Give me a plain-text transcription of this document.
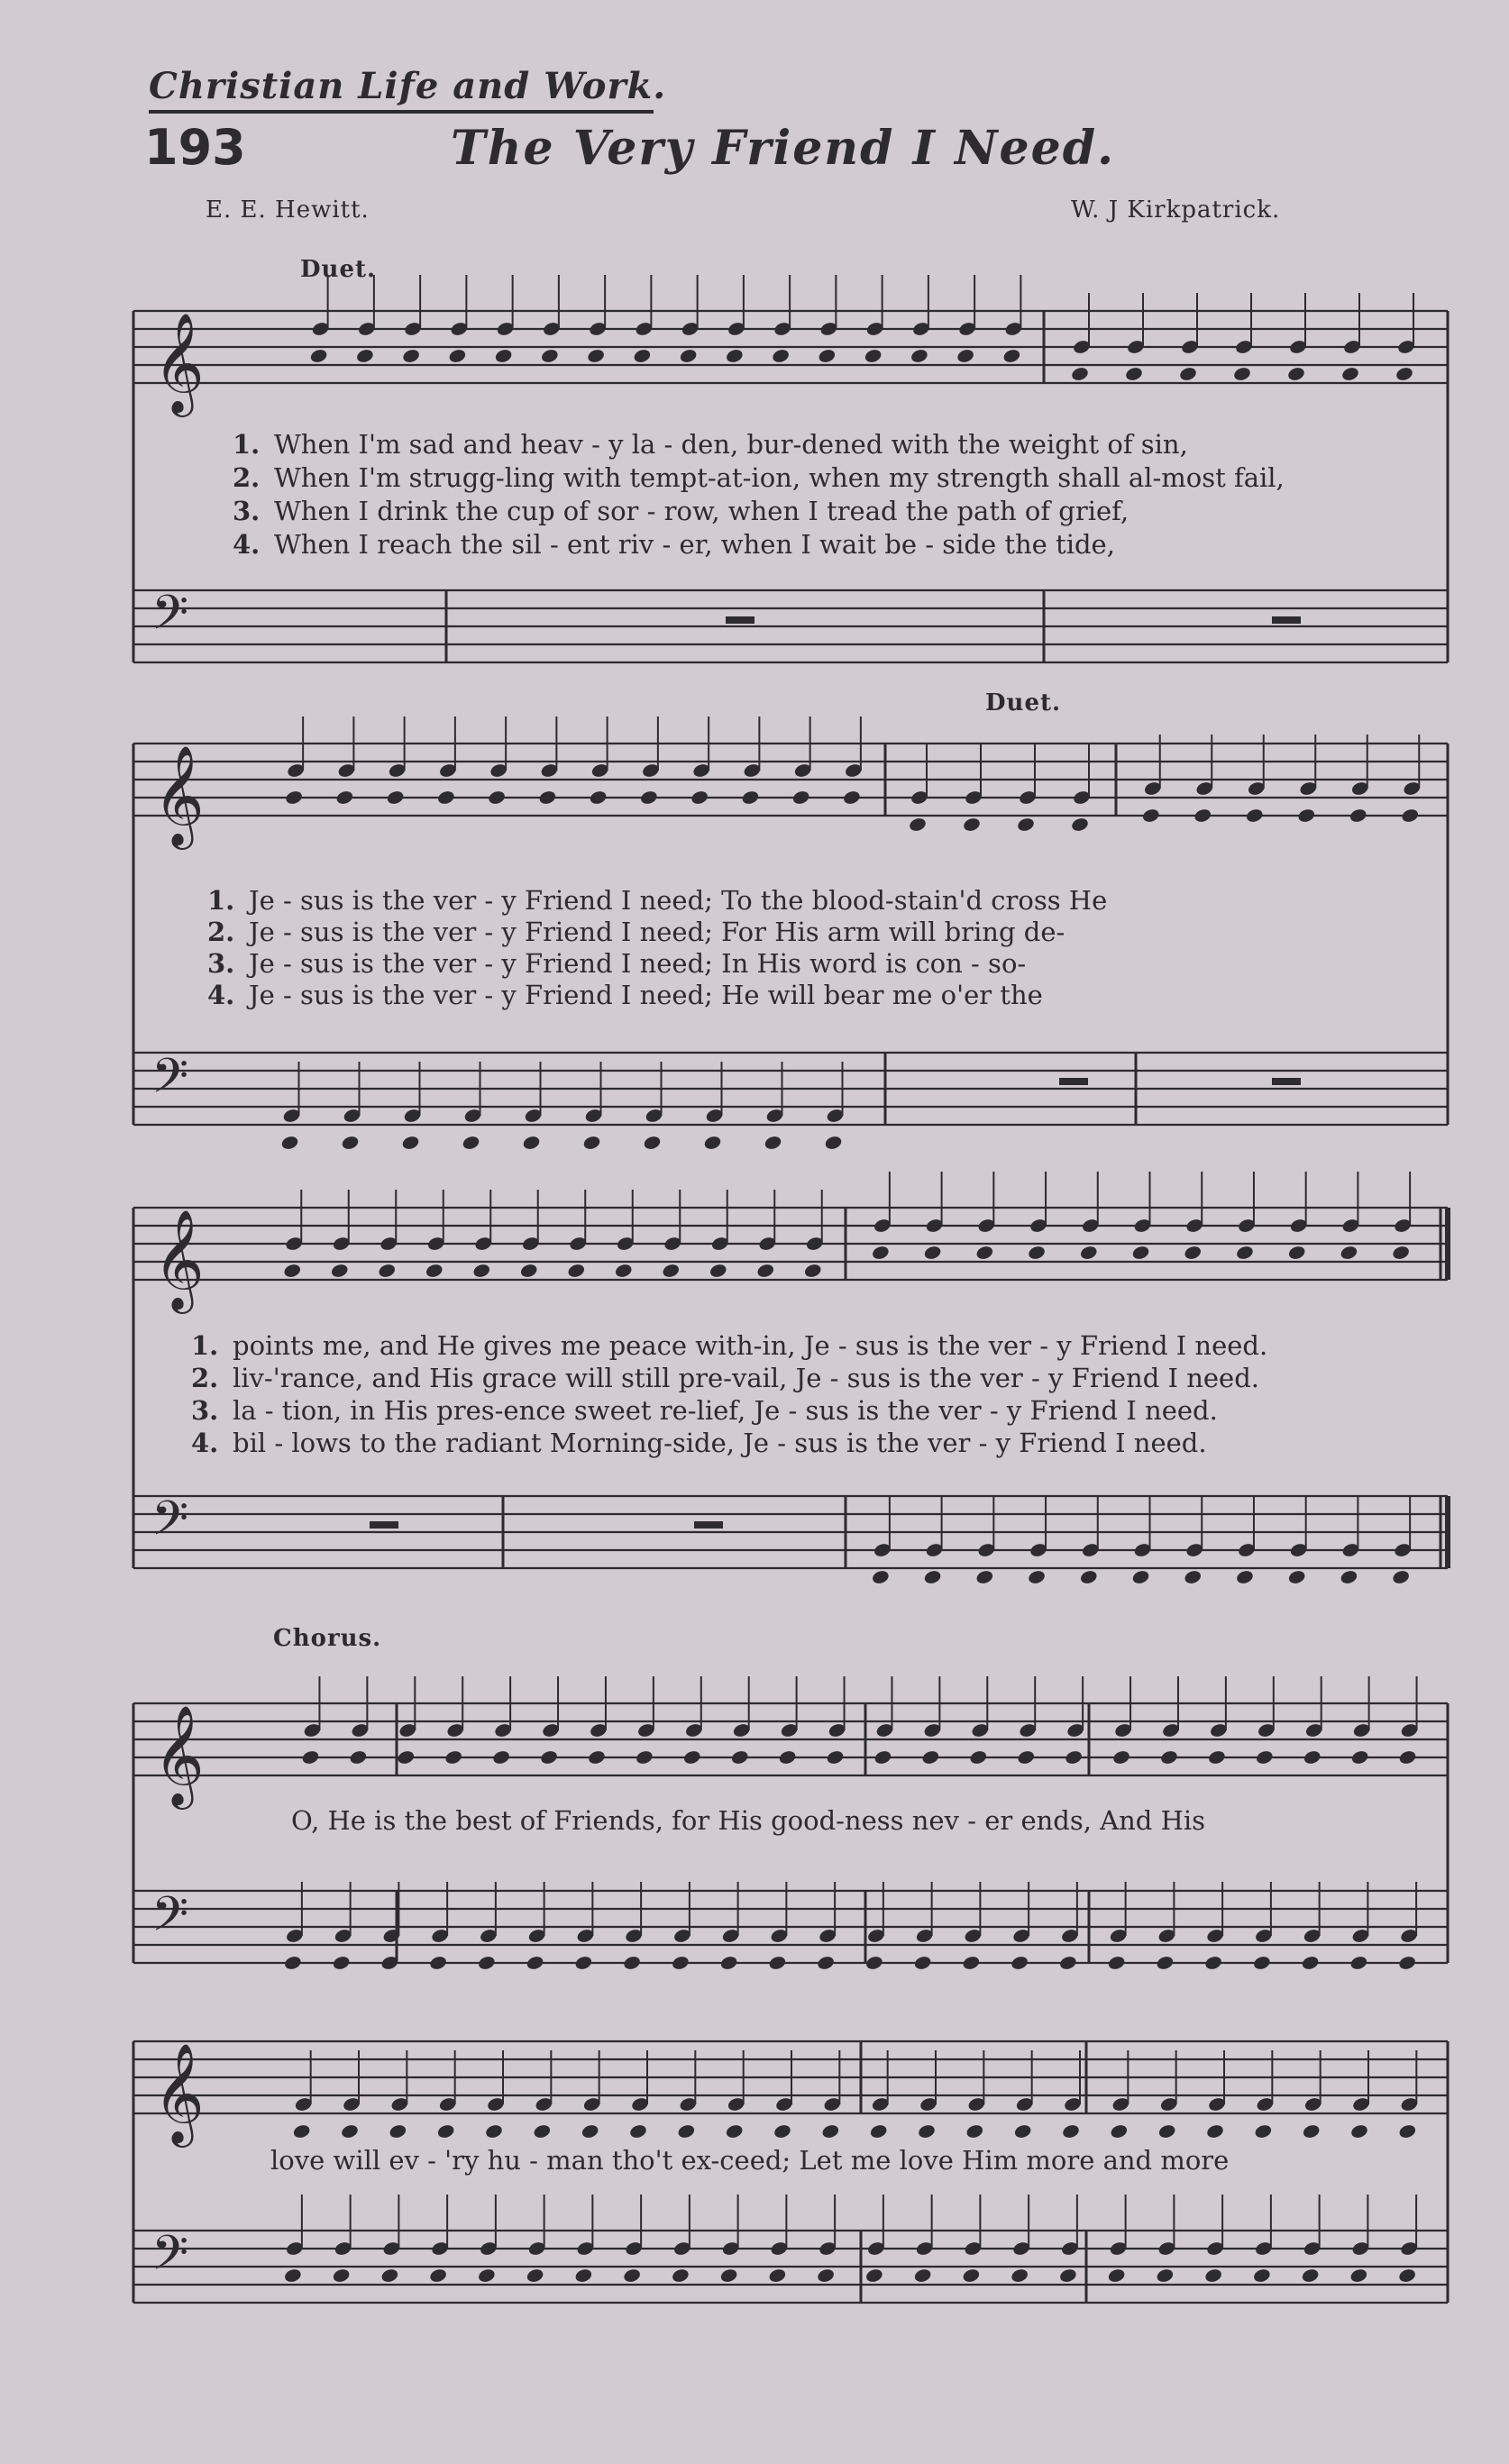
𝄞
𝄢
𝄞
𝄢
𝄞
𝄢
𝄞
𝄢
𝄞
𝄢
Christian Life and Work.
193	The Very Friend I Need.
E. E. Hewitt.	W. J Kirkpatrick.
Duet.
Duet.
Chorus.
1. When I'm sad and heav - y la - den, bur-dened with the weight of sin,
2. When I'm strugg-ling with tempt-at-ion, when my strength shall al-most fail,
3. When I drink the cup of sor - row, when I tread the path of grief,
4. When I reach the sil - ent riv - er, when I wait be - side the tide,
1. Je - sus is the ver - y Friend I need; To the blood-stain'd cross He
2. Je - sus is the ver - y Friend I need; For His arm will bring de-
3. Je - sus is the ver - y Friend I need; In His word is con - so-
4. Je - sus is the ver - y Friend I need; He will bear me o'er the
1. points me, and He gives me peace with-in, Je - sus is the ver - y Friend I need.
2. liv-'rance, and His grace will still pre-vail, Je - sus is the ver - y Friend I need.
3. la - tion, in His pres-ence sweet re-lief, Je - sus is the ver - y Friend I need.
4. bil - lows to the radiant Morning-side, Je - sus is the ver - y Friend I need.
O, He is the best of Friends, for His good-ness nev - er ends, And His
love will ev - 'ry hu - man tho't ex-ceed; Let me love Him more and more
